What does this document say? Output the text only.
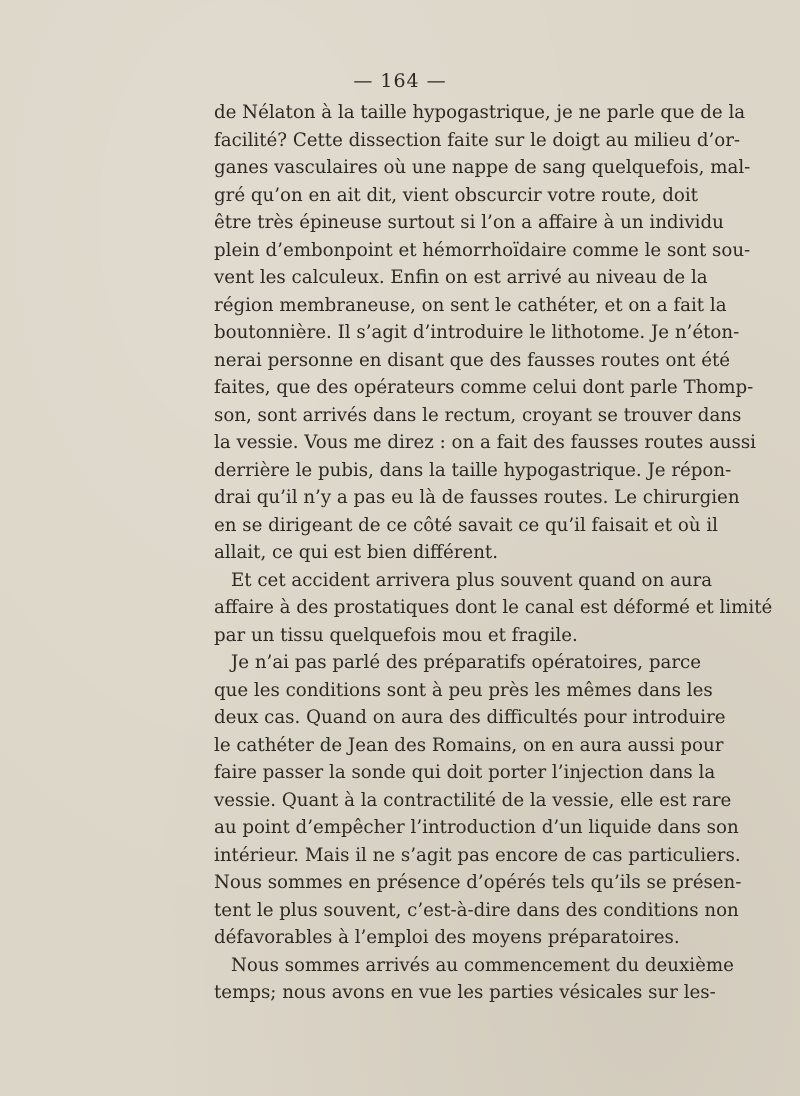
— 164 —
de Nélaton à la taille hypogastrique, je ne parle que de la
facilité? Cette dissection faite sur le doigt au milieu d’or-
ganes vasculaires où une nappe de sang quelquefois, mal-
gré qu’on en ait dit, vient obscurcir votre route, doit
être très épineuse surtout si l’on a affaire à un individu
plein d’embonpoint et hémorrhoïdaire comme le sont sou-
vent les calculeux. Enfin on est arrivé au niveau de la
région membraneuse, on sent le cathéter, et on a fait la
boutonnière. Il s’agit d’introduire le lithotome. Je n’éton-
nerai personne en disant que des fausses routes ont été
faites, que des opérateurs comme celui dont parle Thomp-
son, sont arrivés dans le rectum, croyant se trouver dans
la vessie. Vous me direz : on a fait des fausses routes aussi
derrière le pubis, dans la taille hypogastrique. Je répon-
drai qu’il n’y a pas eu là de fausses routes. Le chirurgien
en se dirigeant de ce côté savait ce qu’il faisait et où il
allait, ce qui est bien différent.
Et cet accident arrivera plus souvent quand on aura
affaire à des prostatiques dont le canal est déformé et limité
par un tissu quelquefois mou et fragile.
Je n’ai pas parlé des préparatifs opératoires, parce
que les conditions sont à peu près les mêmes dans les
deux cas. Quand on aura des difficultés pour introduire
le cathéter de Jean des Romains, on en aura aussi pour
faire passer la sonde qui doit porter l’injection dans la
vessie. Quant à la contractilité de la vessie, elle est rare
au point d’empêcher l’introduction d’un liquide dans son
intérieur. Mais il ne s’agit pas encore de cas particuliers.
Nous sommes en présence d’opérés tels qu’ils se présen-
tent le plus souvent, c’est-à-dire dans des conditions non
défavorables à l’emploi des moyens préparatoires.
Nous sommes arrivés au commencement du deuxième
temps; nous avons en vue les parties vésicales sur les-
